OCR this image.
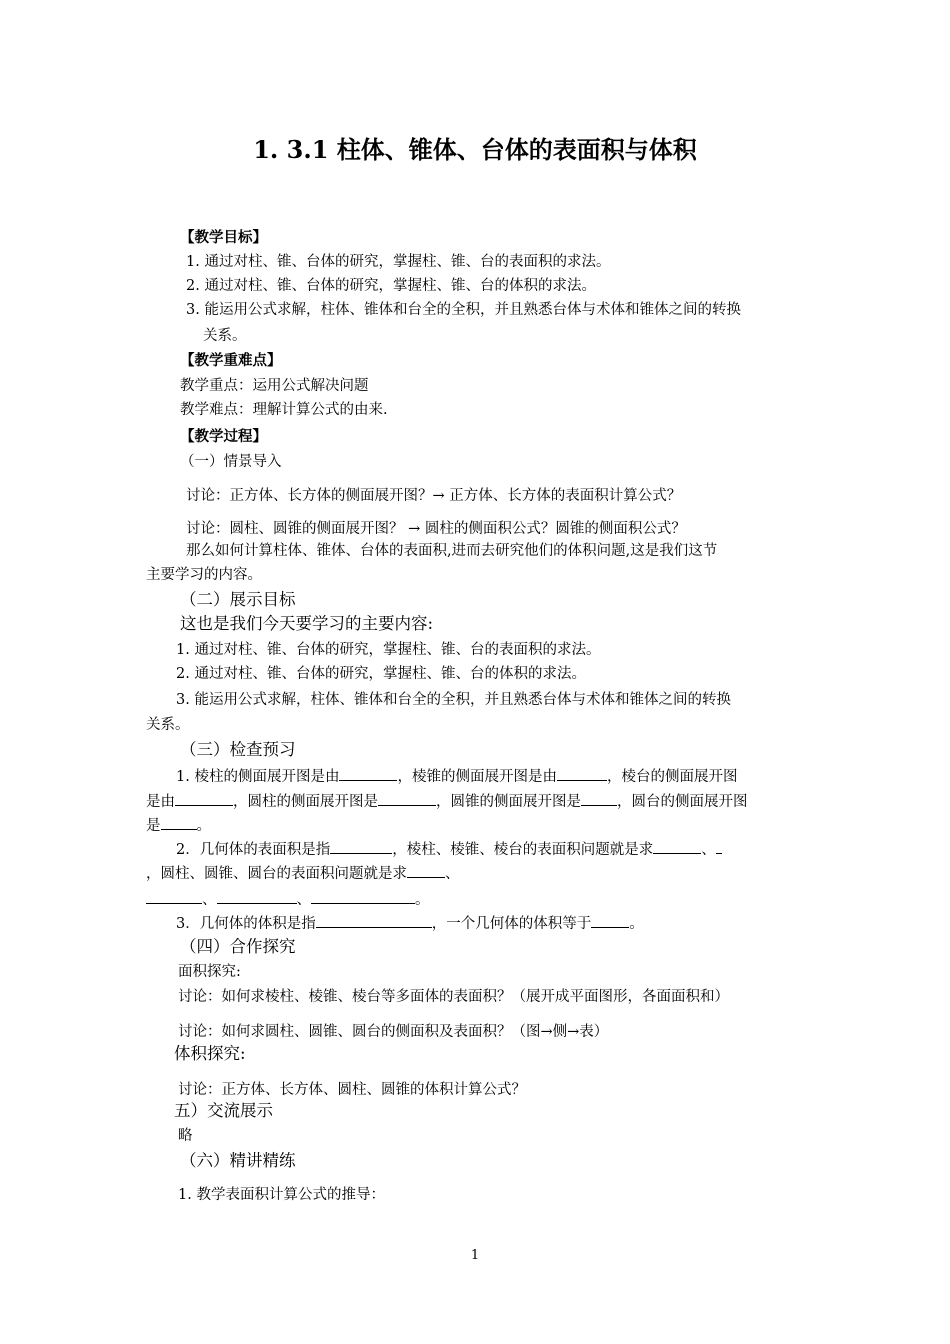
1. 3.1 柱体、锥体、台体的表面积与体积
【教学目标】
1. 通过对柱、锥、台体的研究，掌握柱、锥、台的表面积的求法。
2. 通过对柱、锥、台体的研究，掌握柱、锥、台的体积的求法。
3. 能运用公式求解，柱体、锥体和台全的全积，并且熟悉台体与术体和锥体之间的转换
关系。
【教学重难点】
教学重点：运用公式解决问题
教学难点：理解计算公式的由来.
【教学过程】
（一）情景导入
讨论：正方体、长方体的侧面展开图？→ 正方体、长方体的表面积计算公式？
讨论：圆柱、圆锥的侧面展开图？ → 圆柱的侧面积公式？圆锥的侧面积公式？
那么如何计算柱体、锥体、台体的表面积,进而去研究他们的体积问题,这是我们这节
主要学习的内容。
（二）展示目标
这也是我们今天要学习的主要内容:
1. 通过对柱、锥、台体的研究，掌握柱、锥、台的表面积的求法。
2. 通过对柱、锥、台体的研究，掌握柱、锥、台的体积的求法。
3. 能运用公式求解，柱体、锥体和台全的全积，并且熟悉台体与术体和锥体之间的转换
关系。
（三）检查预习
1. 棱柱的侧面展开图是由	，棱锥的侧面展开图是由	，棱台的侧面展开图
是由	，圆柱的侧面展开图是	，圆锥的侧面展开图是 ，圆台的侧面展开图
是 。
2．几何体的表面积是指	，棱柱、棱锥、棱台的表面积问题就是求	、
，圆柱、圆锥、圆台的表面积问题就是求	、
、	、	。
3．几何体的体积是指	，一个几何体的体积等于	。
（四）合作探究
面积探究:
讨论：如何求棱柱、棱锥、棱台等多面体的表面积？（展开成平面图形，各面面积和）
讨论：如何求圆柱、圆锥、圆台的侧面积及表面积？（图→侧→表）
体积探究:
讨论：正方体、长方体、圆柱、圆锥的体积计算公式？
五）交流展示
略
（六）精讲精练
1. 教学表面积计算公式的推导：
1
